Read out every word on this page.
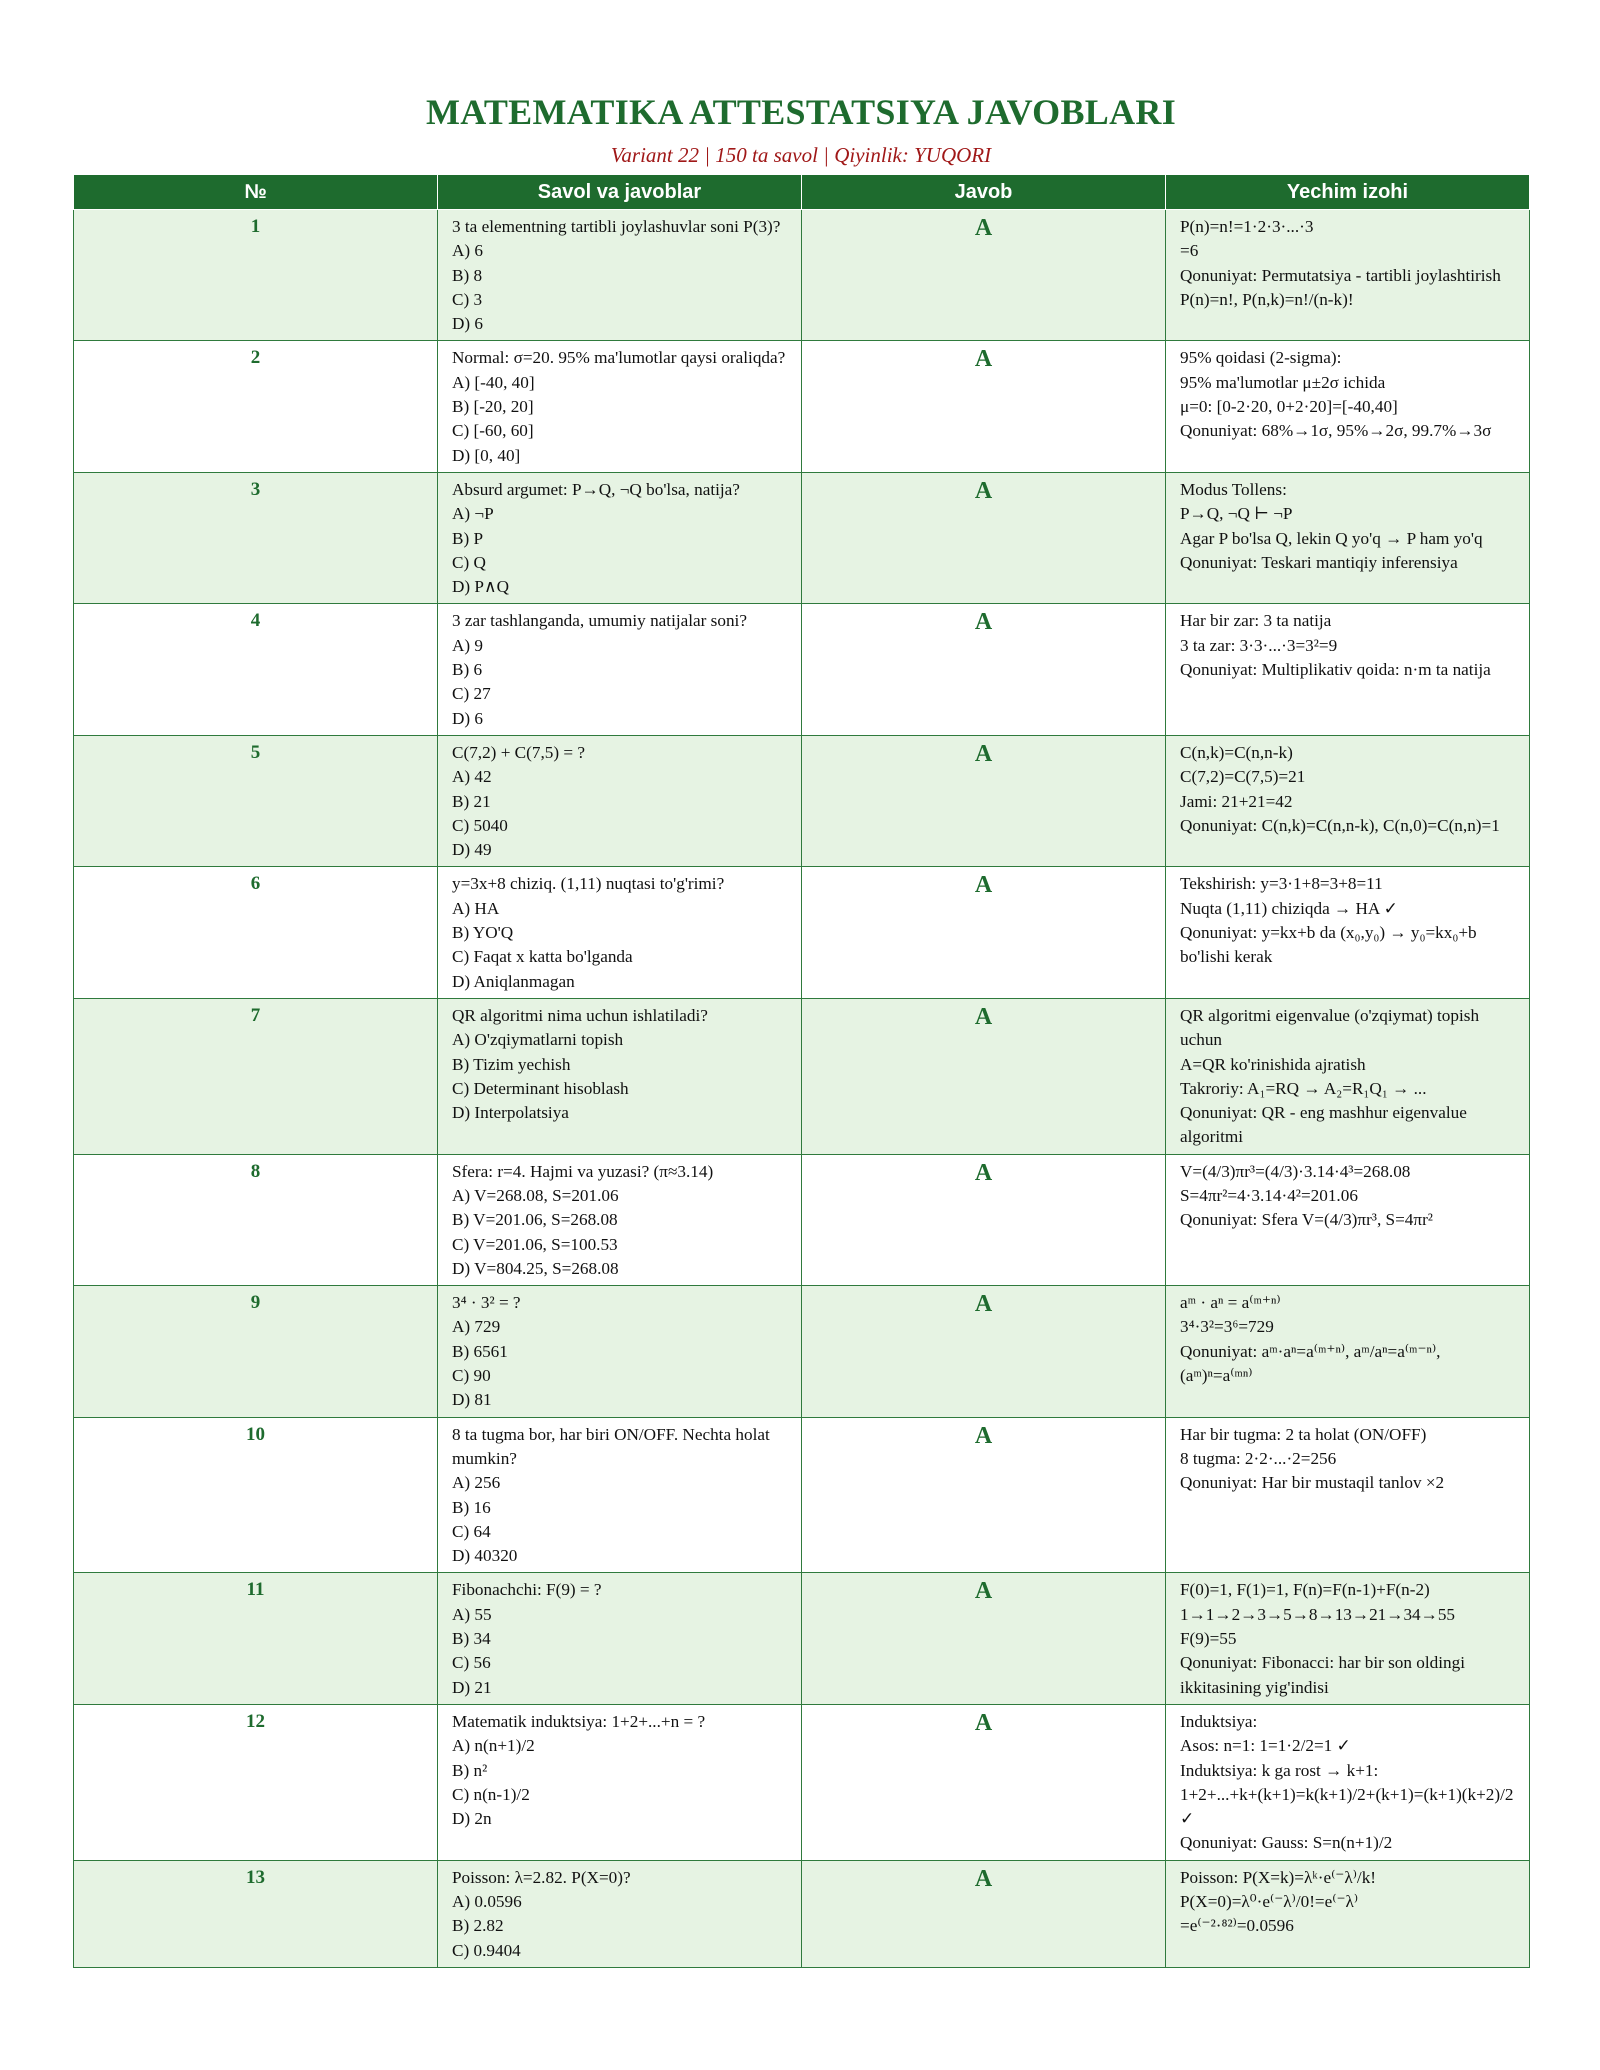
MATEMATIKA ATTESTATSIYA JAVOBLARI
Variant 22 | 150 ta savol | Qiyinlik: YUQORI
№	Savol va javoblar	Javob	Yechim izohi
1	3 ta elementning tartibli joylashuvlar soni P(3)?
A) 6
B) 8
C) 3
D) 6	A	P(n)=n!=1·2·3·...·3
=6
Qonuniyat: Permutatsiya - tartibli joylashtirish
P(n)=n!, P(n,k)=n!/(n-k)!

2	Normal: σ=20. 95% ma'lumotlar qaysi oraliqda?
A) [-40, 40]
B) [-20, 20]
C) [-60, 60]
D) [0, 40]	A	95% qoidasi (2-sigma):
95% ma'lumotlar μ±2σ ichida
μ=0: [0-2·20, 0+2·20]=[-40,40]
Qonuniyat: 68%→1σ, 95%→2σ, 99.7%→3σ

3	Absurd argumet: P→Q, ¬Q bo'lsa, natija?
A) ¬P
B) P
C) Q
D) P∧Q	A	Modus Tollens:
P→Q, ¬Q ⊢ ¬P
Agar P bo'lsa Q, lekin Q yo'q → P ham yo'q
Qonuniyat: Teskari mantiqiy inferensiya

4	3 zar tashlanganda, umumiy natijalar soni?
A) 9
B) 6
C) 27
D) 6	A	Har bir zar: 3 ta natija
3 ta zar: 3·3·...·3=3²=9
Qonuniyat: Multiplikativ qoida: n·m ta natija

5	C(7,2) + C(7,5) = ?
A) 42
B) 21
C) 5040
D) 49	A	C(n,k)=C(n,n-k)
C(7,2)=C(7,5)=21
Jami: 21+21=42
Qonuniyat: C(n,k)=C(n,n-k), C(n,0)=C(n,n)=1

6	y=3x+8 chiziq. (1,11) nuqtasi to'g'rimi?
A) HA
B) YO'Q
C) Faqat x katta bo'lganda
D) Aniqlanmagan	A	Tekshirish: y=3·1+8=3+8=11
Nuqta (1,11) chiziqda → HA ✓
Qonuniyat: y=kx+b da (x₀,y₀) → y₀=kx₀+b bo'lishi kerak

7	QR algoritmi nima uchun ishlatiladi?
A) O'zqiymatlarni topish
B) Tizim yechish
C) Determinant hisoblash
D) Interpolatsiya	A	QR algoritmi eigenvalue (o'zqiymat) topish uchun
A=QR ko'rinishida ajratish
Takroriy: A₁=RQ → A₂=R₁Q₁ → ...
Qonuniyat: QR - eng mashhur eigenvalue algoritmi

8	Sfera: r=4. Hajmi va yuzasi? (π≈3.14)
A) V=268.08, S=201.06
B) V=201.06, S=268.08
C) V=201.06, S=100.53
D) V=804.25, S=268.08	A	V=(4/3)πr³=(4/3)·3.14·4³=268.08
S=4πr²=4·3.14·4²=201.06
Qonuniyat: Sfera V=(4/3)πr³, S=4πr²

9	3⁴ · 3² = ?
A) 729
B) 6561
C) 90
D) 81	A	aᵐ · aⁿ = a⁽ᵐ⁺ⁿ⁾
3⁴·3²=3⁶=729
Qonuniyat: aᵐ·aⁿ=a⁽ᵐ⁺ⁿ⁾, aᵐ/aⁿ=a⁽ᵐ⁻ⁿ⁾, (aᵐ)ⁿ=a⁽ᵐⁿ⁾

10	8 ta tugma bor, har biri ON/OFF. Nechta holat mumkin?
A) 256
B) 16
C) 64
D) 40320	A	Har bir tugma: 2 ta holat (ON/OFF)
8 tugma: 2·2·...·2=256
Qonuniyat: Har bir mustaqil tanlov ×2

11	Fibonachchi: F(9) = ?
A) 55
B) 34
C) 56
D) 21	A	F(0)=1, F(1)=1, F(n)=F(n-1)+F(n-2)
1→1→2→3→5→8→13→21→34→55
F(9)=55
Qonuniyat: Fibonacci: har bir son oldingi ikkitasining yig'indisi

12	Matematik induktsiya: 1+2+...+n = ?
A) n(n+1)/2
B) n²
C) n(n-1)/2
D) 2n	A	Induktsiya:
Asos: n=1: 1=1·2/2=1 ✓
Induktsiya: k ga rost → k+1:
1+2+...+k+(k+1)=k(k+1)/2+(k+1)=(k+1)(k+2)/2 ✓
Qonuniyat: Gauss: S=n(n+1)/2

13	Poisson: λ=2.82. P(X=0)?
A) 0.0596
B) 2.82
C) 0.9404	A	Poisson: P(X=k)=λᵏ·e⁽⁻λ⁾/k!
P(X=0)=λ⁰·e⁽⁻λ⁾/0!=e⁽⁻λ⁾
=e⁽⁻²·⁸²⁾=0.0596
